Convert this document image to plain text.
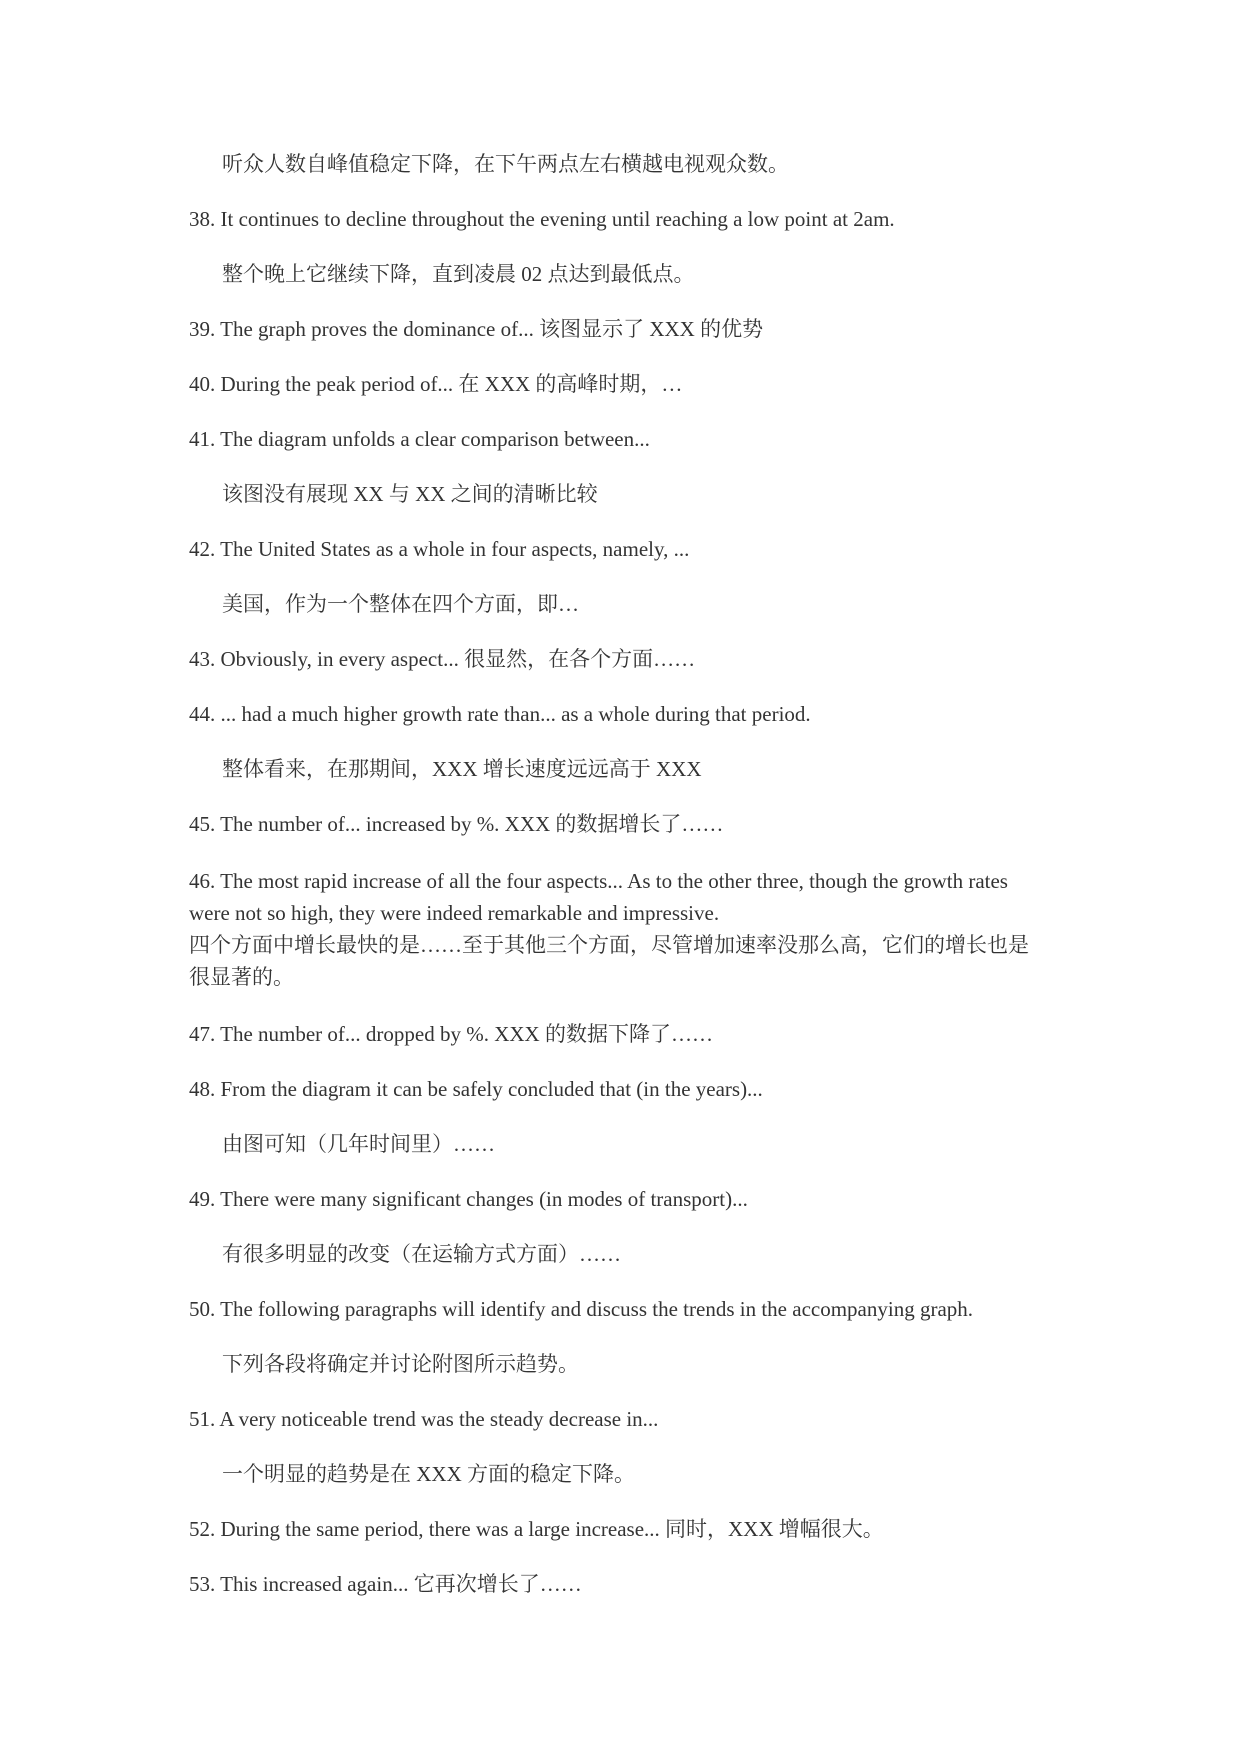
听众人数自峰值稳定下降，在下午两点左右横越电视观众数。
38. It continues to decline throughout the evening until reaching a low point at 2am.
整个晚上它继续下降，直到凌晨 02 点达到最低点。
39. The graph proves the dominance of... 该图显示了 XXX 的优势
40. During the peak period of... 在 XXX 的高峰时期，…
41. The diagram unfolds a clear comparison between...
该图没有展现 XX 与 XX 之间的清晰比较
42. The United States as a whole in four aspects, namely, ...
美国，作为一个整体在四个方面，即…
43. Obviously, in every aspect... 很显然，在各个方面……
44. ... had a much higher growth rate than... as a whole during that period.
整体看来，在那期间，XXX 增长速度远远高于 XXX
45. The number of... increased by %. XXX 的数据增长了……
46. The most rapid increase of all the four aspects... As to the other three, though the growth rates
were not so high, they were indeed remarkable and impressive.
四个方面中增长最快的是……至于其他三个方面，尽管增加速率没那么高，它们的增长也是
很显著的。
47. The number of... dropped by %. XXX 的数据下降了……
48. From the diagram it can be safely concluded that (in the years)...
由图可知（几年时间里）……
49. There were many significant changes (in modes of transport)...
有很多明显的改变（在运输方式方面）……
50. The following paragraphs will identify and discuss the trends in the accompanying graph.
下列各段将确定并讨论附图所示趋势。
51. A very noticeable trend was the steady decrease in...
一个明显的趋势是在 XXX 方面的稳定下降。
52. During the same period, there was a large increase... 同时，XXX 增幅很大。
53. This increased again... 它再次增长了……
